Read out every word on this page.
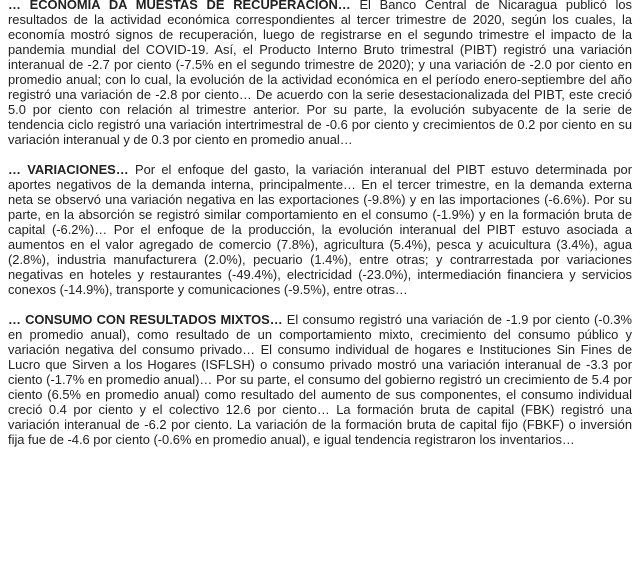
… ECONOMIA DA MUESTAS DE RECUPERACION… El Banco Central de Nicaragua publicó los resultados de la actividad económica correspondientes al tercer trimestre de 2020, según los cuales, la economía mostró signos de recuperación, luego de registrarse en el segundo trimestre el impacto de la pandemia mundial del COVID-19. Así, el Producto Interno Bruto trimestral (PIBT) registró una variación interanual de -2.7 por ciento (-7.5% en el segundo trimestre de 2020); y una variación de -2.0 por ciento en promedio anual; con lo cual, la evolución de la actividad económica en el período enero-septiembre del año registró una variación de -2.8 por ciento… De acuerdo con la serie desestacionalizada del PIBT, este creció 5.0 por ciento con relación al trimestre anterior. Por su parte, la evolución subyacente de la serie de tendencia ciclo registró una variación intertrimestral de -0.6 por ciento y crecimientos de 0.2 por ciento en su variación interanual y de 0.3 por ciento en promedio anual…

… VARIACIONES… Por el enfoque del gasto, la variación interanual del PIBT estuvo determinada por aportes negativos de la demanda interna, principalmente… En el tercer trimestre, en la demanda externa neta se observó una variación negativa en las exportaciones (-9.8%) y en las importaciones (-6.6%). Por su parte, en la absorción se registró similar comportamiento en el consumo (-1.9%) y en la formación bruta de capital (-6.2%)… Por el enfoque de la producción, la evolución interanual del PIBT estuvo asociada a aumentos en el valor agregado de comercio (7.8%), agricultura (5.4%), pesca y acuicultura (3.4%), agua (2.8%), industria manufacturera (2.0%), pecuario (1.4%), entre otras; y contrarrestada por variaciones negativas en hoteles y restaurantes (-49.4%), electricidad (-23.0%), intermediación financiera y servicios conexos (-14.9%), transporte y comunicaciones (-9.5%), entre otras…

… CONSUMO CON RESULTADOS MIXTOS… El consumo registró una variación de -1.9 por ciento (-0.3% en promedio anual), como resultado de un comportamiento mixto, crecimiento del consumo público y variación negativa del consumo privado… El consumo individual de hogares e Instituciones Sin Fines de Lucro que Sirven a los Hogares (ISFLSH) o consumo privado mostró una variación interanual de -3.3 por ciento (-1.7% en promedio anual)… Por su parte, el consumo del gobierno registró un crecimiento de 5.4 por ciento (6.5% en promedio anual) como resultado del aumento de sus componentes, el consumo individual creció 0.4 por ciento y el colectivo 12.6 por ciento… La formación bruta de capital (FBK) registró una variación interanual de -6.2 por ciento. La variación de la formación bruta de capital fijo (FBKF) o inversión fija fue de -4.6 por ciento (-0.6% en promedio anual), e igual tendencia registraron los inventarios…
